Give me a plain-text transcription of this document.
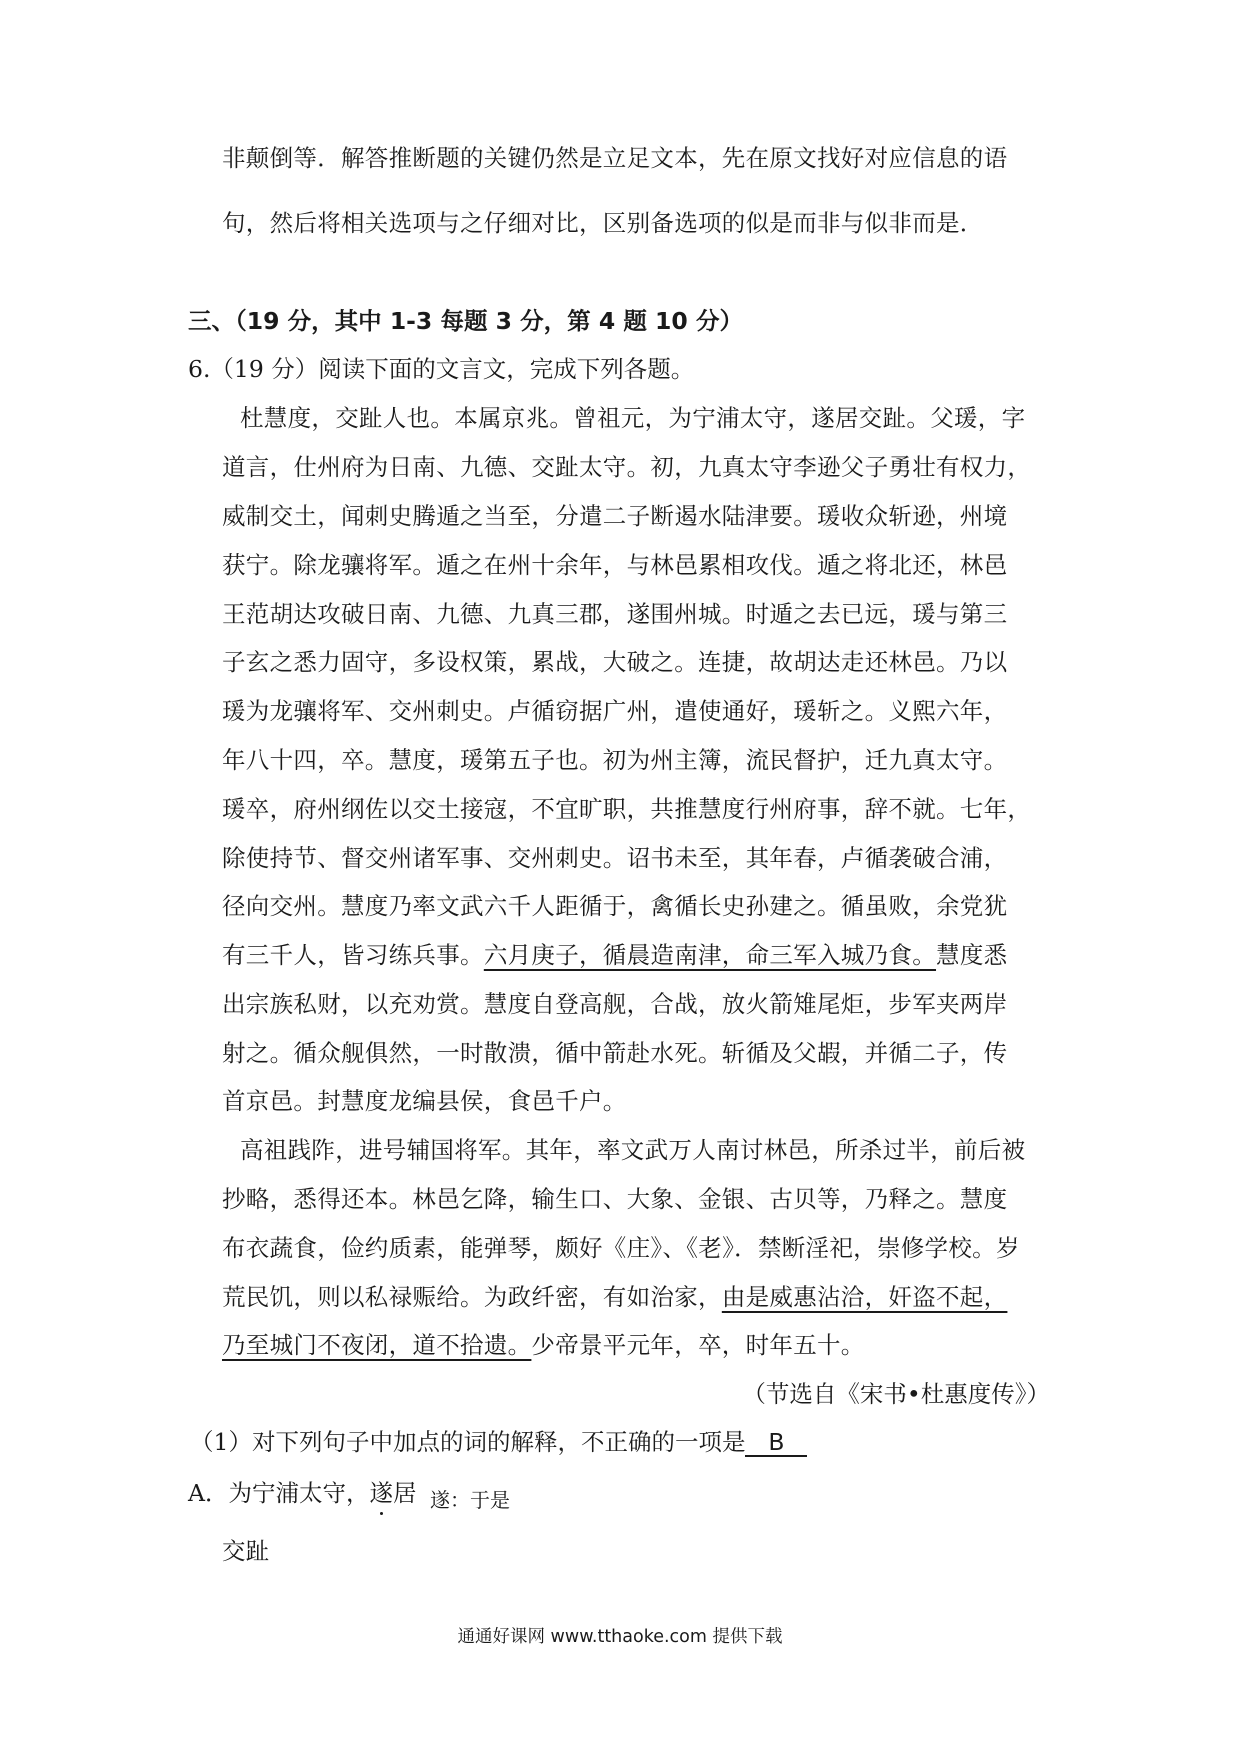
非颠倒等．解答推断题的关键仍然是立足文本，先在原文找好对应信息的语
句，然后将相关选项与之仔细对比，区别备选项的似是而非与似非而是．
三、（19 分，其中 1-3 每题 3 分，第 4 题 10 分）
6.（19 分）阅读下面的文言文，完成下列各题。
杜慧度，交趾人也。本属京兆。曾祖元，为宁浦太守，遂居交趾。父瑗，字
道言，仕州府为日南、九德、交趾太守。初，九真太守李逊父子勇壮有权力，
威制交土，闻刺史腾遁之当至，分遣二子断遏水陆津要。瑗收众斩逊，州境
获宁。除龙骧将军。遁之在州十余年，与林邑累相攻伐。遁之将北还，林邑
王范胡达攻破日南、九德、九真三郡，遂围州城。时遁之去已远，瑗与第三
子玄之悉力固守，多设权策，累战，大破之。连捷，故胡达走还林邑。乃以
瑗为龙骧将军、交州刺史。卢循窃据广州，遣使通好，瑗斩之。义熙六年，
年八十四，卒。慧度，瑗第五子也。初为州主簿，流民督护，迁九真太守。
瑗卒，府州纲佐以交土接寇，不宜旷职，共推慧度行州府事，辞不就。七年，
除使持节、督交州诸军事、交州刺史。诏书未至，其年春，卢循袭破合浦，
径向交州。慧度乃率文武六千人距循于，禽循长史孙建之。循虽败，余党犹
有三千人，皆习练兵事。六月庚子，循晨造南津，命三军入城乃食。慧度悉
出宗族私财，以充劝赏。慧度自登高舰，合战，放火箭雉尾炬，步军夹两岸
射之。循众舰俱然，一时散溃，循中箭赴水死。斩循及父嘏，并循二子，传
首京邑。封慧度龙编县侯，食邑千户。
高祖践阼，进号辅国将军。其年，率文武万人南讨林邑，所杀过半，前后被
抄略，悉得还本。林邑乞降，输生口、大象、金银、古贝等，乃释之。慧度
布衣蔬食，俭约质素，能弹琴，颇好《庄》、《老》．禁断淫祀，崇修学校。岁
荒民饥，则以私禄赈给。为政纤密，有如治家，由是威惠沾洽，奸盗不起，
乃至城门不夜闭，道不拾遗。少帝景平元年，卒，时年五十。
（节选自《宋书•杜惠度传》）
（1）对下列句子中加点的词的解释，不正确的一项是 B
A．为宁浦太守，遂居 遂：于是
交趾
通通好课网 www.tthaoke.com 提供下载
